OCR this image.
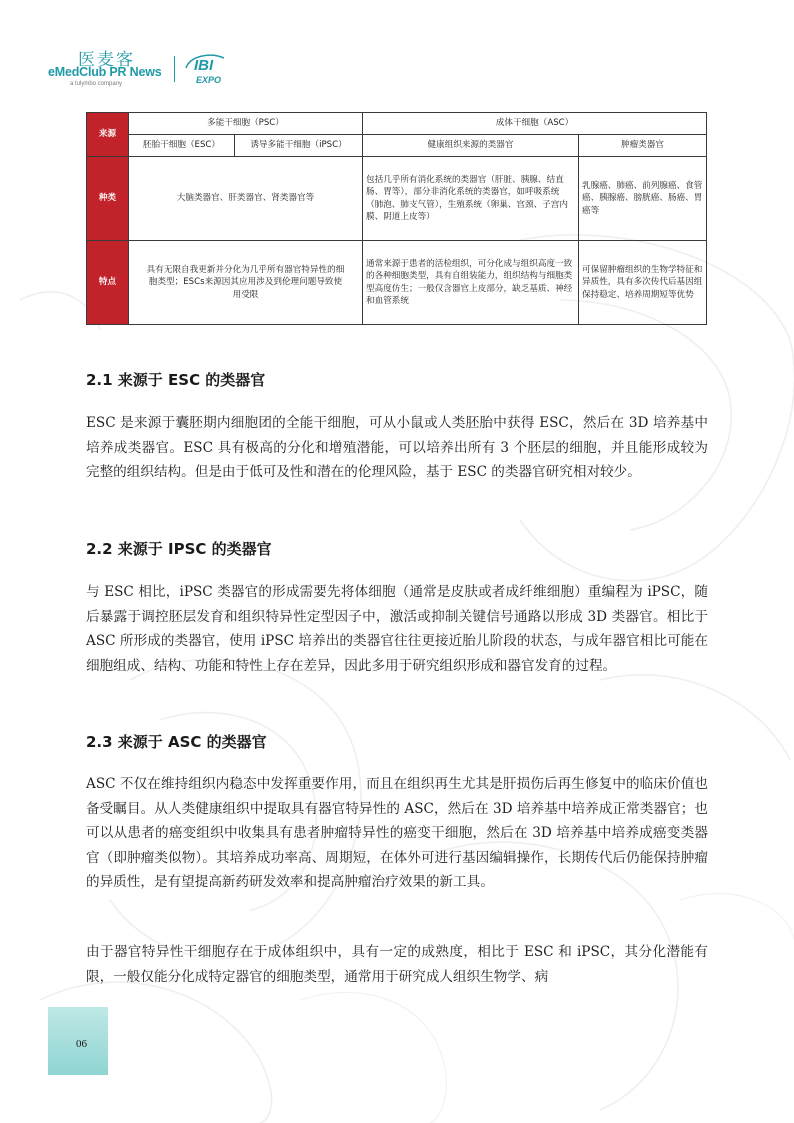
医麦客
eMedClub PR News
a tulymbo company
IBI
EXPO
来源	多能干细胞（PSC）		成体干细胞（ASC）	
	胚胎干细胞（ESC）	诱导多能干细胞（iPSC）	健康组织来源的类器官	肿瘤类器官
种类	大脑类器官、肝类器官、肾类器官等		包括几乎所有消化系统的类器官（肝脏、胰腺、结直肠、胃等），部分非消化系统的类器官，如呼吸系统（肺泡、肺支气管），生殖系统（卵巢、宫颈、子宫内膜、阴道上皮等）	乳腺癌、肺癌、前列腺癌、食管癌、胰腺癌、膀胱癌、肠癌、胃癌等
特点	具有无限自我更新并分化为几乎所有器官特异性的细胞类型；ESCs来源因其应用涉及到伦理问题导致使用受限		通常来源于患者的活检组织，可分化成与组织高度一致的各种细胞类型，具有自组装能力，组织结构与细胞类型高度仿生；一般仅含器官上皮部分，缺乏基质、神经和血管系统	可保留肿瘤组织的生物学特征和异质性，具有多次传代后基因组保持稳定、培养周期短等优势
2.1 来源于 ESC 的类器官

ESC 是来源于囊胚期内细胞团的全能干细胞，可从小鼠或人类胚胎中获得 ESC，然后在 3D 培养基中培养成类器官。ESC 具有极高的分化和增殖潜能，可以培养出所有 3 个胚层的细胞，并且能形成较为完整的组织结构。但是由于低可及性和潜在的伦理风险，基于 ESC 的类器官研究相对较少。

2.2 来源于 IPSC 的类器官

与 ESC 相比，iPSC 类器官的形成需要先将体细胞（通常是皮肤或者成纤维细胞）重编程为 iPSC，随后暴露于调控胚层发育和组织特异性定型因子中，激活或抑制关键信号通路以形成 3D 类器官。相比于 ASC 所形成的类器官，使用 iPSC 培养出的类器官往往更接近胎儿阶段的状态，与成年器官相比可能在细胞组成、结构、功能和特性上存在差异，因此多用于研究组织形成和器官发育的过程。

2.3 来源于 ASC 的类器官

ASC 不仅在维持组织内稳态中发挥重要作用，而且在组织再生尤其是肝损伤后再生修复中的临床价值也备受瞩目。从人类健康组织中提取具有器官特异性的 ASC，然后在 3D 培养基中培养成正常类器官；也可以从患者的癌变组织中收集具有患者肿瘤特异性的癌变干细胞，然后在 3D 培养基中培养成癌变类器官（即肿瘤类似物）。其培养成功率高、周期短，在体外可进行基因编辑操作，长期传代后仍能保持肿瘤的异质性，是有望提高新药研发效率和提高肿瘤治疗效果的新工具。

由于器官特异性干细胞存在于成体组织中，具有一定的成熟度，相比于 ESC 和 iPSC，其分化潜能有限，一般仅能分化成特定器官的细胞类型，通常用于研究成人组织生物学、病

06
